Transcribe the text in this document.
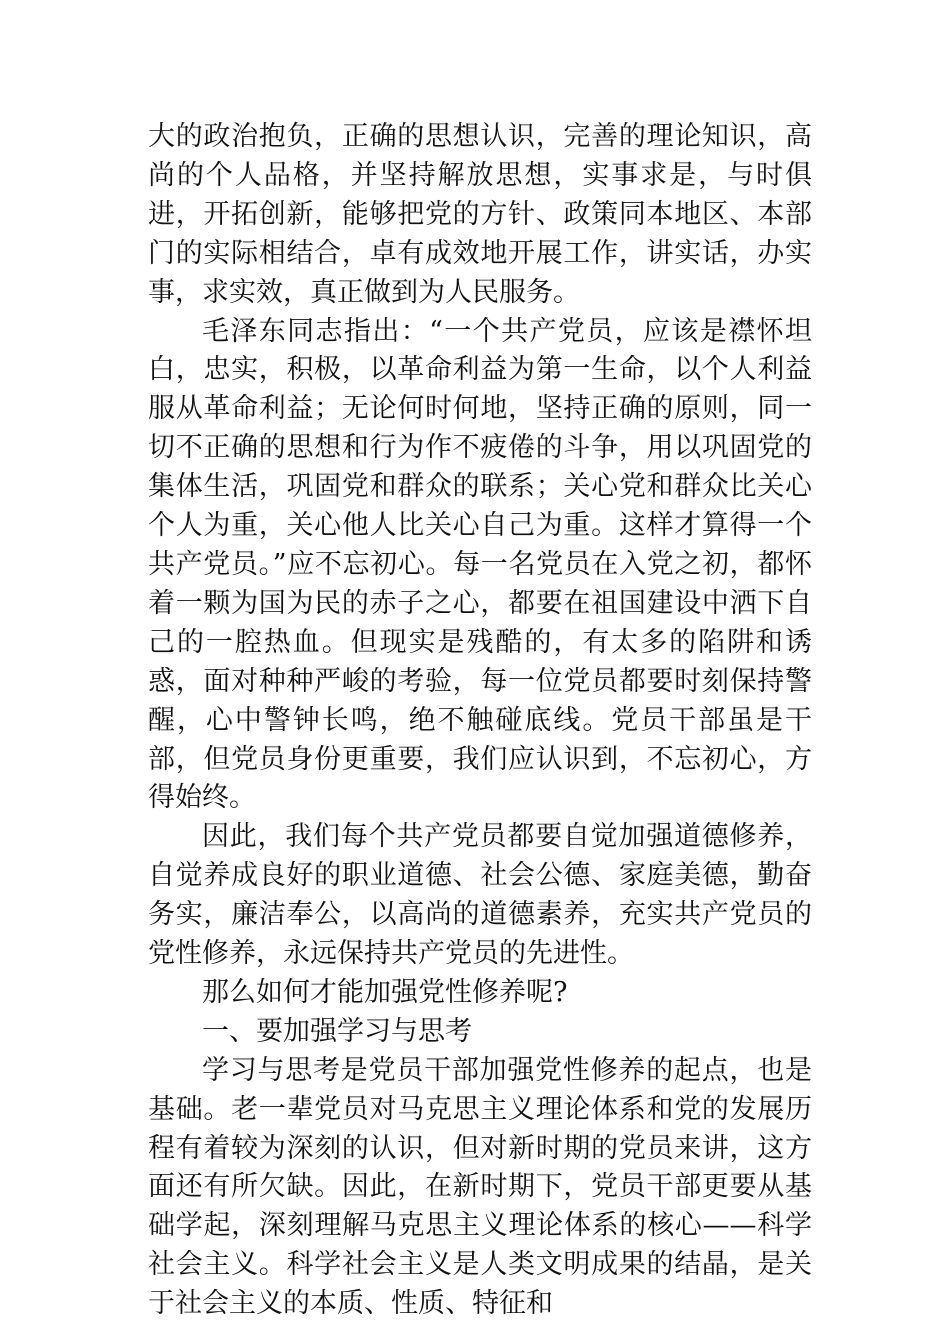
大的政治抱负，正确的思想认识，完善的理论知识，高尚的个人品格，并坚持解放思想，实事求是，与时俱进，开拓创新，能够把党的方针、政策同本地区、本部门的实际相结合，卓有成效地开展工作，讲实话，办实事，求实效，真正做到为人民服务。

毛泽东同志指出：“一个共产党员，应该是襟怀坦白，忠实，积极，以革命利益为第一生命，以个人利益服从革命利益；无论何时何地，坚持正确的原则，同一切不正确的思想和行为作不疲倦的斗争，用以巩固党的集体生活，巩固党和群众的联系；关心党和群众比关心个人为重，关心他人比关心自己为重。这样才算得一个共产党员。”应不忘初心。每一名党员在入党之初，都怀着一颗为国为民的赤子之心，都要在祖国建设中洒下自己的一腔热血。但现实是残酷的，有太多的陷阱和诱惑，面对种种严峻的考验，每一位党员都要时刻保持警醒，心中警钟长鸣，绝不触碰底线。党员干部虽是干部，但党员身份更重要，我们应认识到，不忘初心，方得始终。

因此，我们每个共产党员都要自觉加强道德修养，自觉养成良好的职业道德、社会公德、家庭美德，勤奋务实，廉洁奉公，以高尚的道德素养，充实共产党员的党性修养，永远保持共产党员的先进性。

那么如何才能加强党性修养呢?

一、要加强学习与思考

学习与思考是党员干部加强党性修养的起点，也是基础。老一辈党员对马克思主义理论体系和党的发展历程有着较为深刻的认识，但对新时期的党员来讲，这方面还有所欠缺。因此，在新时期下，党员干部更要从基础学起，深刻理解马克思主义理论体系的核心——科学社会主义。科学社会主义是人类文明成果的结晶，是关于社会主义的本质、性质、特征和
